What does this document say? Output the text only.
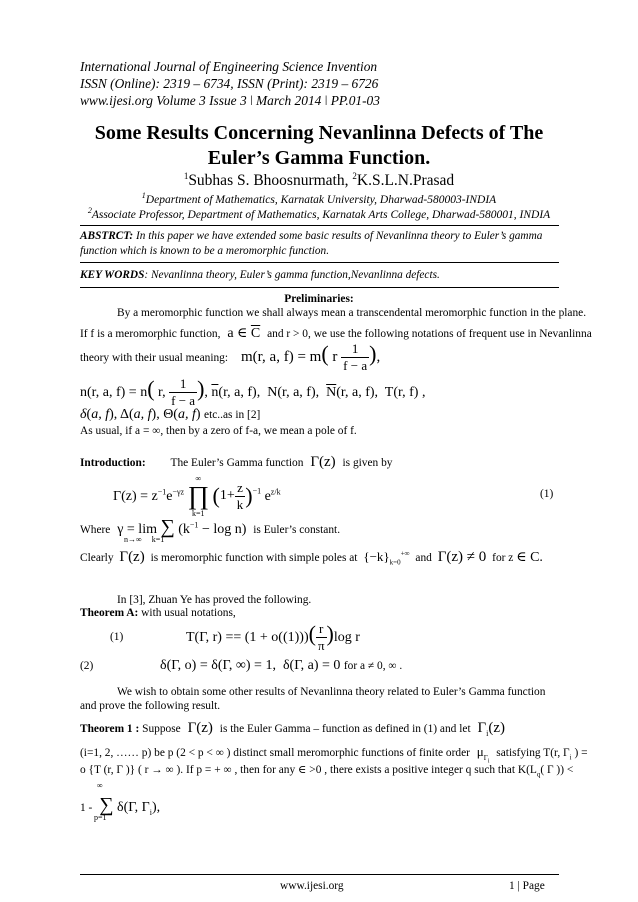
International Journal of Engineering Science Invention
ISSN (Online): 2319 – 6734, ISSN (Print): 2319 – 6726
www.ijesi.org Volume 3 Issue 3 ǀ March 2014 ǀ PP.01-03
Some Results Concerning Nevanlinna Defects of The Euler’s Gamma Function.
$^1$Subhas S. Bhoosnurmath, $^2$K.S.L.N.Prasad
$^1$Department of Mathematics, Karnatak University, Dharwad-580003-INDIA
$^2$Associate Professor, Department of Mathematics, Karnatak Arts College, Dharwad-580001, INDIA
ABSTRCT: In this paper we have extended some basic results of Nevanlinna theory to Euler’s gamma function which is known to be a meromorphic function.
KEY WORDS: Nevanlinna theory, Euler’s gamma function,Nevanlinna defects.
Preliminaries:
By a meromorphic function we shall always mean a transcendental meromorphic function in the plane.
If f is a meromorphic function, a ∈ $\overline{C}$ and r > 0, we use the following notations of frequent use in Nevanlinna
theory with their usual meaning: m(r, a, f) = m( r $\frac{1}{f - a}$ ),
n(r, a, f) = n( r, $\frac{1}{f - a}$ ), $\overline{n}(r$, a, f),  N(r, a, f),  $\overline{N}(r$, a, f),  T(r, f) ,
δ(a, f), Δ(a, f), Θ(a, f) etc..as in [2]
As usual, if a = ∞, then by a zero of f-a, we mean a pole of f.
Introduction: The Euler’s Gamma function Γ(z) is given by
$\Gamma(z) = z^{-1}e^{-\gamma z}$
∞
∏
k=1
$(1+ \frac{z}{k} )^{-1}$ $e^{z/k}$	(1)
Where γ = lim ∑ $(k^{-1} - \log n)$ is Euler’s constant.
n→∞     k=1
Clearly Γ(z) is meromorphic function with simple poles at $\{-k\}_{k=0}^{+\infty}$ and Γ(z) ≠ 0 for z ∈ C.
In [3], Zhuan Ye has proved the following.
Theorem A: with usual notations,
(1)	T(Γ, $r) == (1 + o((1)))( \frac{r}{\pi} )\log$ r
(2)	δ(Γ, o) = δ(Γ, ∞) = 1,  δ(Γ, a) = 0 for a ≠ 0, ∞ .
We wish to obtain some other results of Nevanlinna theory related to Euler’s Gamma function
and prove the following result.
Theorem 1 : Suppose Γ(z) is the Euler Gamma – function as defined in (1) and let $\Gamma_i(z)$
(i=1, 2, …… p) be p (2 < p < ∞ ) distinct small meromorphic functions of finite order $\mu_{\Gamma_i}$ satisfying T(r, $\Gamma_i$ ) =
o {T (r, Γ )} ( r → ∞ ). If p = + ∞ , then for any ∈ >0 , there exists a positive integer q such that $K(L_q$( Γ )) <
∞
1 - ∑ δ(Γ, $\Gamma_i$),
p=1
www.ijesi.org	1 | Page
